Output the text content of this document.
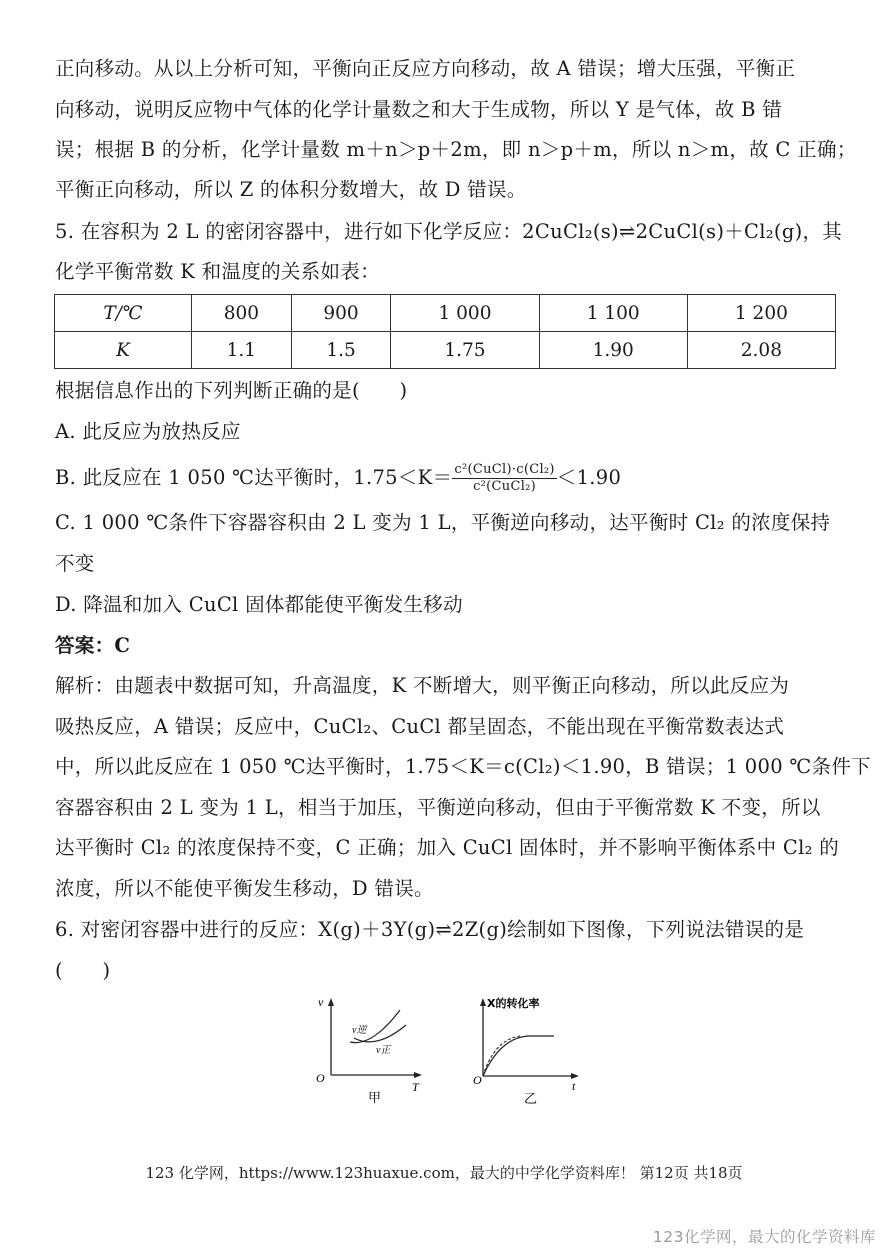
正向移动。从以上分析可知，平衡向正反应方向移动，故 A 错误；增大压强，平衡正
向移动，说明反应物中气体的化学计量数之和大于生成物，所以 Y 是气体，故 B 错
误；根据 B 的分析，化学计量数 m＋n＞p＋2m，即 n＞p＋m，所以 n＞m，故 C 正确；
平衡正向移动，所以 Z 的体积分数增大，故 D 错误。
5. 在容积为 2 L 的密闭容器中，进行如下化学反应：2CuCl₂(s)⇌2CuCl(s)＋Cl₂(g)，其
化学平衡常数 K 和温度的关系如表：
T/℃	800	900	1 000	1 100	1 200
K	1.1	1.5	1.75	1.90	2.08
根据信息作出的下列判断正确的是(　　)
A. 此反应为放热反应
B. 此反应在 1 050 ℃达平衡时，$1.75<K= \frac{\text{c²(CuCl)·c(Cl₂)}}{\text{c²(CuCl₂)}} <1.90$
C. 1 000 ℃条件下容器容积由 2 L 变为 1 L，平衡逆向移动，达平衡时 Cl₂ 的浓度保持
不变
D. 降温和加入 CuCl 固体都能使平衡发生移动
答案：C
解析：由题表中数据可知，升高温度，K 不断增大，则平衡正向移动，所以此反应为
吸热反应，A 错误；反应中，CuCl₂、CuCl 都呈固态，不能出现在平衡常数表达式
中，所以此反应在 1 050 ℃达平衡时，1.75＜K＝c(Cl₂)＜1.90，B 错误；1 000 ℃条件下
容器容积由 2 L 变为 1 L，相当于加压，平衡逆向移动，但由于平衡常数 K 不变，所以
达平衡时 Cl₂ 的浓度保持不变，C 正确；加入 CuCl 固体时，并不影响平衡体系中 Cl₂ 的
浓度，所以不能使平衡发生移动，D 错误。
6. 对密闭容器中进行的反应：X(g)＋3Y(g)⇌2Z(g)绘制如下图像，下列说法错误的是
(　　)
v
T
O
v逆
v正
甲
X的转化率
t
O
乙
123 化学网，https://www.123huaxue.com，最大的中学化学资料库！ 第12页 共18页
123化学网，最大的化学资料库
